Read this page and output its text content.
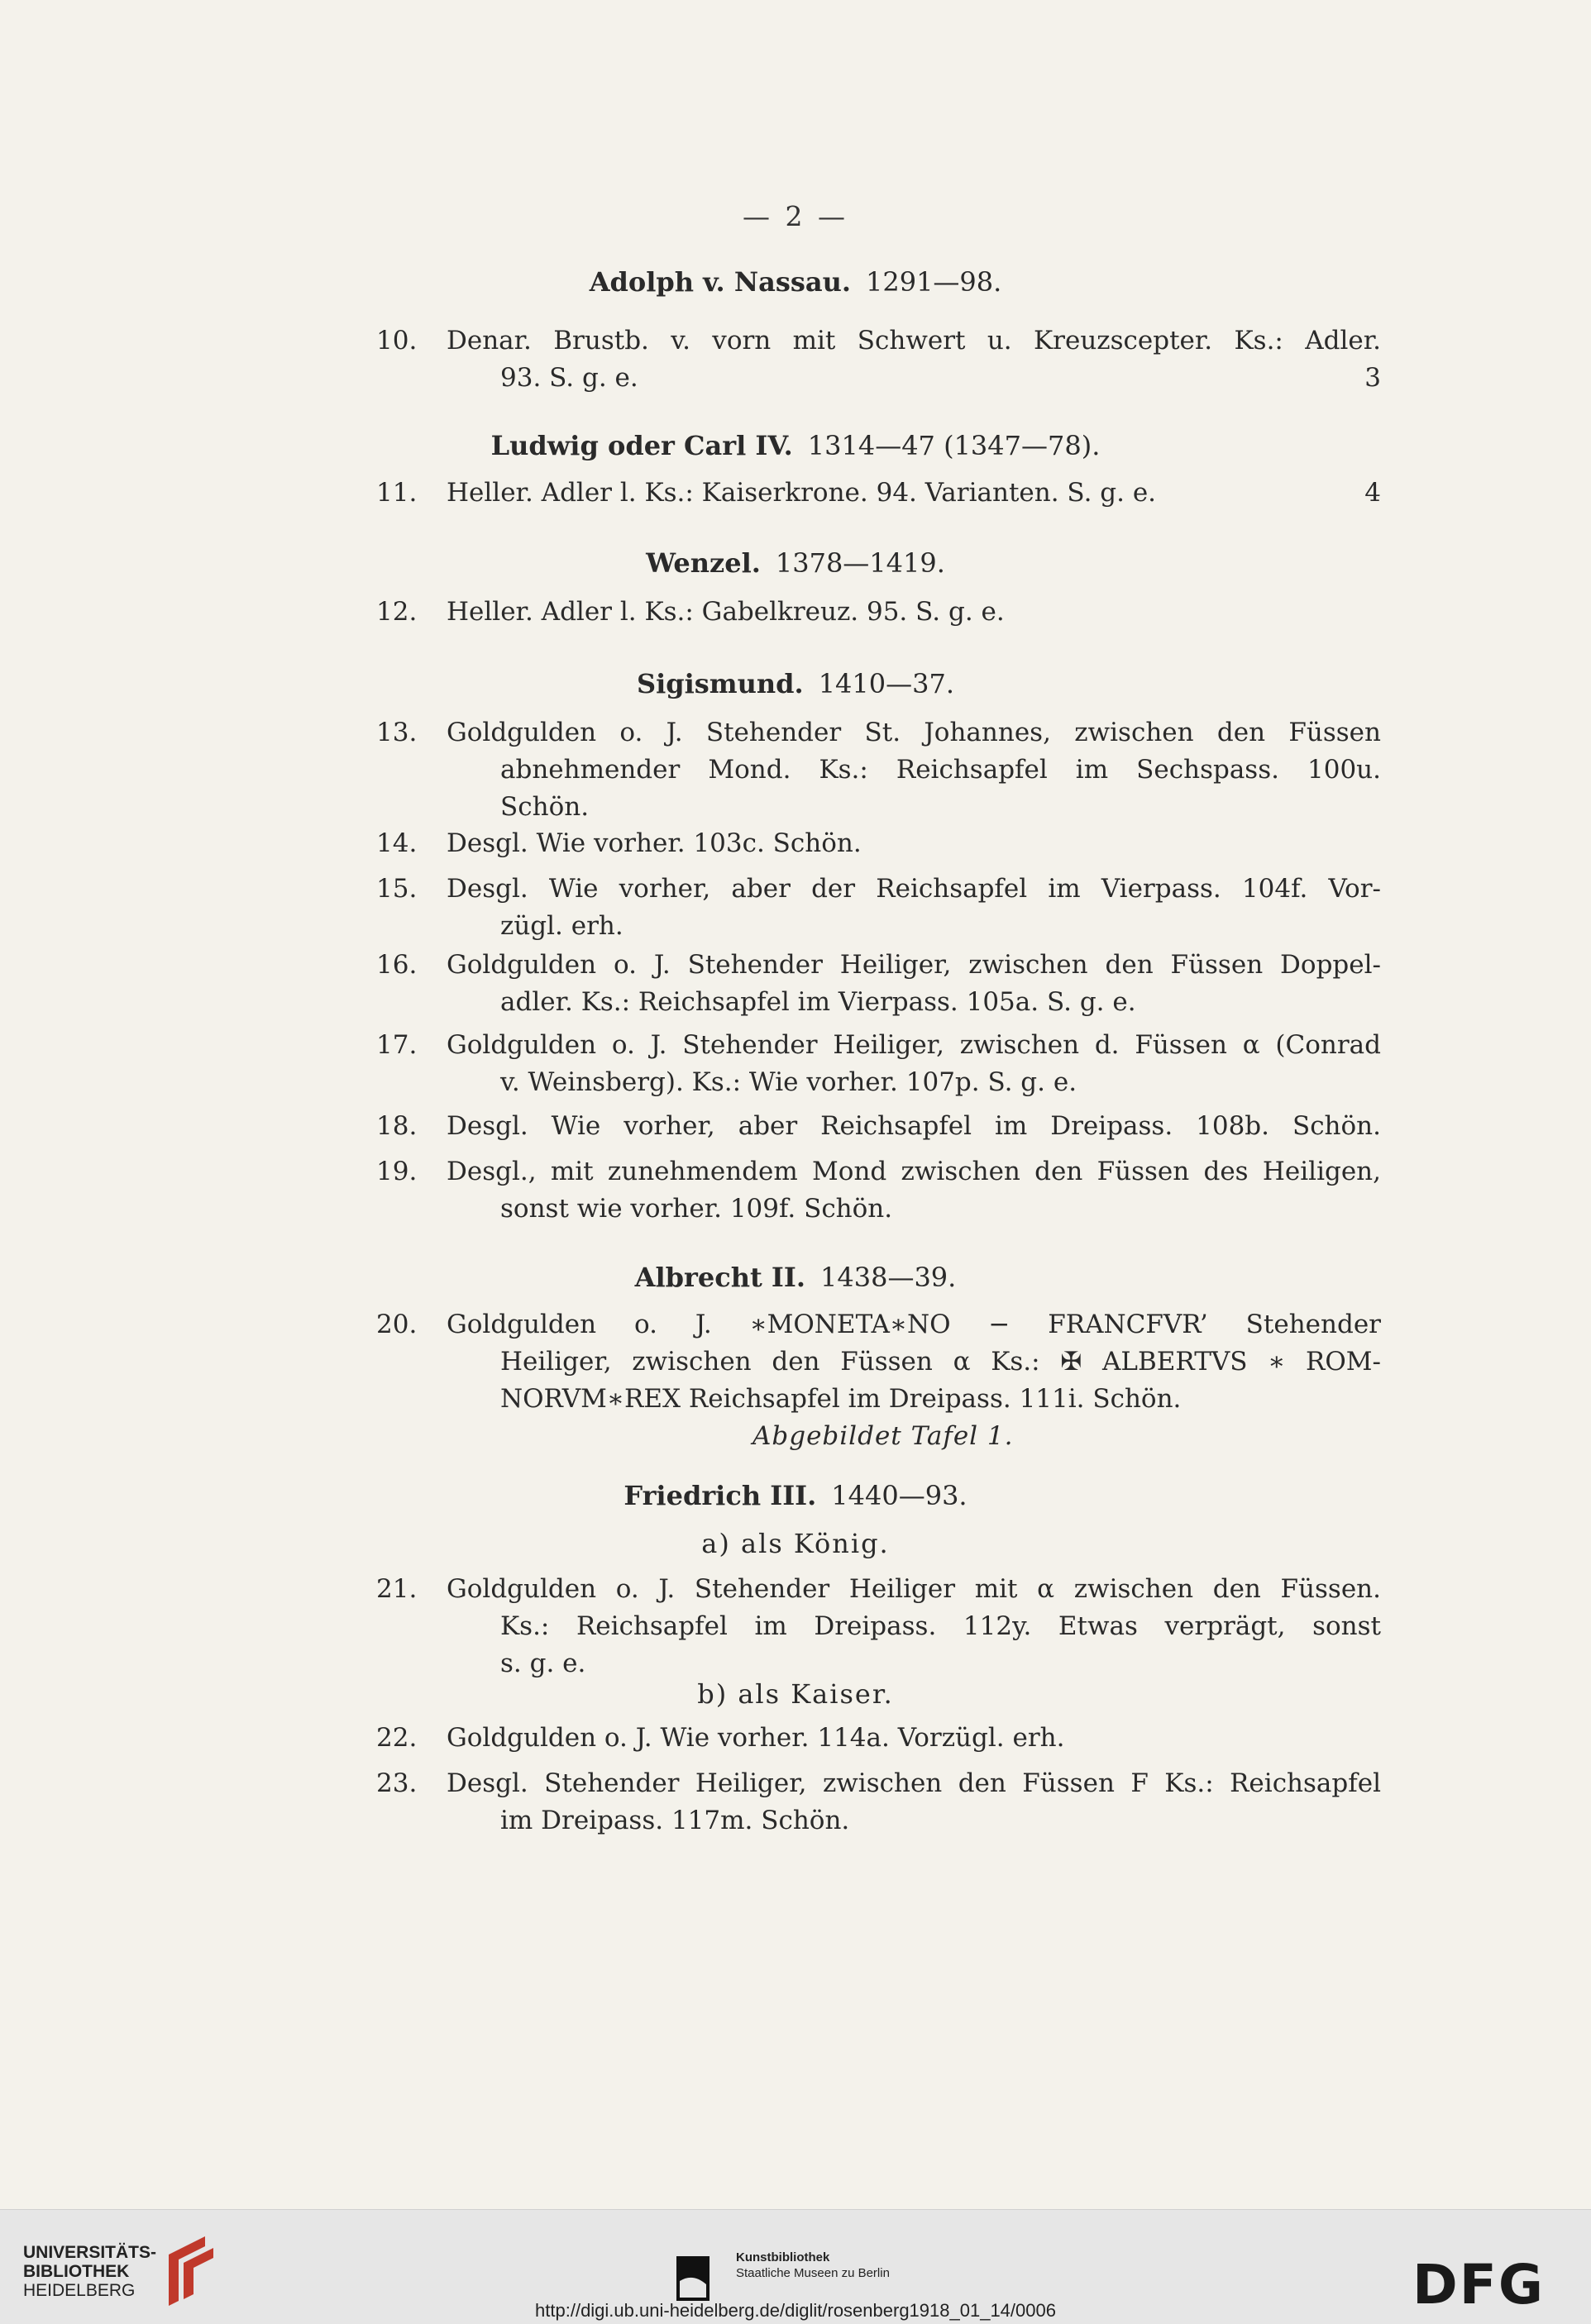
— 2 —
Adolph v. Nassau. 1291—98.
10. Denar. Brustb. v. vorn mit Schwert u. Kreuzscepter. Ks.: Adler.
93. S. g. e.	3
Ludwig oder Carl IV. 1314—47 (1347—78).
11. Heller. Adler l. Ks.: Kaiserkrone. 94. Varianten. S. g. e.	4
Wenzel. 1378—1419.
12. Heller. Adler l. Ks.: Gabelkreuz. 95. S. g. e.
Sigismund. 1410—37.
13. Goldgulden o. J. Stehender St. Johannes, zwischen den Füssen
abnehmender Mond. Ks.: Reichsapfel im Sechspass. 100u.
Schön.
14. Desgl. Wie vorher. 103c. Schön.
15. Desgl. Wie vorher, aber der Reichsapfel im Vierpass. 104f. Vor-
zügl. erh.
16. Goldgulden o. J. Stehender Heiliger, zwischen den Füssen Doppel-
adler. Ks.: Reichsapfel im Vierpass. 105a. S. g. e.
17. Goldgulden o. J. Stehender Heiliger, zwischen d. Füssen α (Conrad
v. Weinsberg). Ks.: Wie vorher. 107p. S. g. e.
18. Desgl. Wie vorher, aber Reichsapfel im Dreipass. 108b. Schön.
19. Desgl., mit zunehmendem Mond zwischen den Füssen des Heiligen,
sonst wie vorher. 109f. Schön.
Albrecht II. 1438—39.
20. Goldgulden o. J. ∗MONETA∗NO − FRANCFVR’ Stehender
Heiliger, zwischen den Füssen α Ks.: ✠ ALBERTVS ∗ ROM-
NORVM∗REX Reichsapfel im Dreipass. 111i. Schön.
Abgebildet Tafel 1.
Friedrich III. 1440—93.
a) als König.
21. Goldgulden o. J. Stehender Heiliger mit α zwischen den Füssen.
Ks.: Reichsapfel im Dreipass. 112y. Etwas verprägt, sonst
s. g. e.
b) als Kaiser.
22. Goldgulden o. J. Wie vorher. 114a. Vorzügl. erh.
23. Desgl. Stehender Heiliger, zwischen den Füssen F Ks.: Reichsapfel
im Dreipass. 117m. Schön.
UNIVERSITÄTS-
BIBLIOTHEK
HEIDELBERG
Kunstbibliothek
Staatliche Museen zu Berlin	DFG
http://digi.ub.uni-heidelberg.de/diglit/rosenberg1918_01_14/0006
